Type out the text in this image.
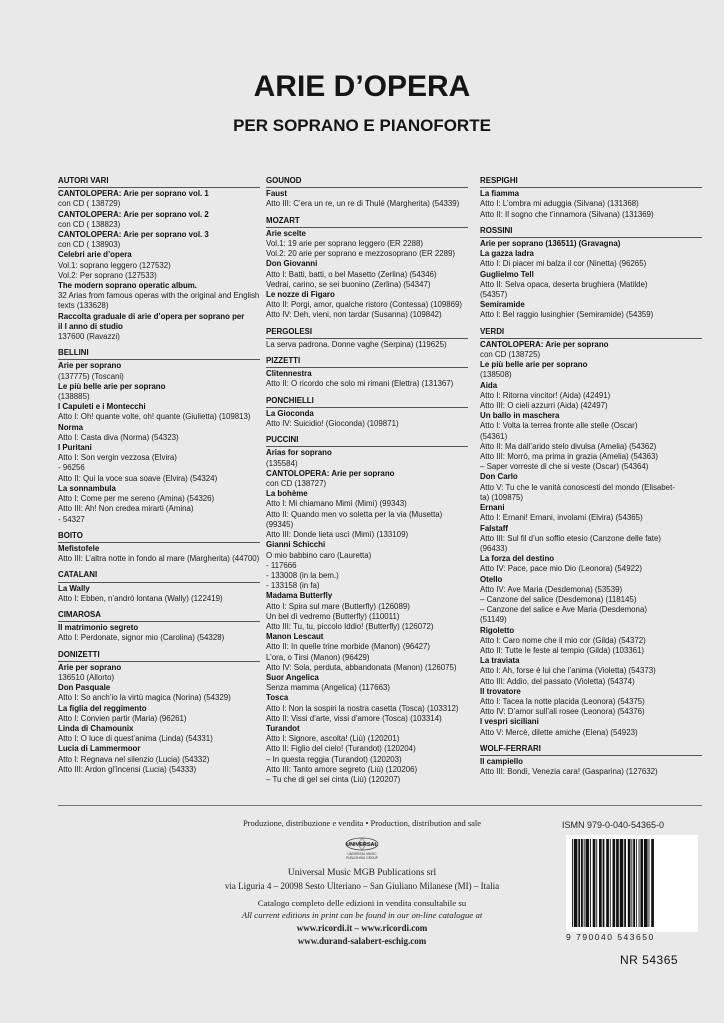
ARIE D’OPERA
PER SOPRANO E PIANOFORTE
AUTORI VARI
CANTOLOPERA: Arie per soprano vol. 1
con CD ( 138729)
CANTOLOPERA: Arie per soprano vol. 2
con CD ( 138823)
CANTOLOPERA: Arie per soprano vol. 3
con CD ( 138903)
Celebri arie d’opera
Vol.1: soprano leggero (127532)
Vol.2: Per soprano (127533)
The modern soprano operatic album.
32 Arias from famous operas with the original and English
texts (133628)
Raccolta graduale di arie d’opera per soprano per
il I anno di studio
137600 (Ravazzi)
BELLINI
Arie per soprano
(137775) (Toscani)
Le più belle arie per soprano
(138885)
I Capuleti e i Montecchi
Atto I: Oh! quante volte, oh! quante (Giulietta) (109813)
Norma
Atto I: Casta diva (Norma) (54323)
I Puritani
Atto I: Son vergin vezzosa (Elvira)
- 96256
Atto II: Qui la voce sua soave (Elvira) (54324)
La sonnambula
Atto I: Come per me sereno (Amina) (54326)
Atto III: Ah! Non credea mirarti (Amina)
- 54327
BOITO
Mefistofele
Atto III: L’altra notte in fondo al mare (Margherita) (44700)
CATALANI
La Wally
Atto I: Ebben, n’andrò lontana (Wally) (122419)
CIMAROSA
Il matrimonio segreto
Atto I: Perdonate, signor mio (Carolina) (54328)
DONIZETTI
Arie per soprano
136510 (Allorto)
Don Pasquale
Atto I: So anch’io la virtù magica (Norina) (54329)
La figlia del reggimento
Atto I: Convien partir (Maria) (96261)
Linda di Chamounix
Atto I: O luce di quest’anima (Linda) (54331)
Lucia di Lammermoor
Atto I: Regnava nel silenzio (Lucia) (54332)
Atto III: Ardon gl’incensi (Lucia) (54333)
GOUNOD
Faust
Atto III: C’era un re, un re di Thulé (Margherita) (54339)
MOZART
Arie scelte
Vol.1: 19 arie per soprano leggero (ER 2288)
Vol.2: 20 arie per soprano e mezzosoprano (ER 2289)
Don Giovanni
Atto I: Batti, batti, o bel Masetto (Zerlina) (54346)
Vedrai, carino, se sei buonino (Zerlina) (54347)
Le nozze di Figaro
Atto II: Porgi, amor, qualche ristoro (Contessa) (109869)
Atto IV: Deh, vieni, non tardar (Susanna) (109842)
PERGOLESI
La serva padrona. Donne vaghe (Serpina) (119625)
PIZZETTI
Clitennestra
Atto II: O ricordo che solo mi rimani (Elettra) (131367)
PONCHIELLI
La Gioconda
Atto IV: Suicidio! (Gioconda) (109871)
PUCCINI
Arias for soprano
(135584)
CANTOLOPERA: Arie per soprano
con CD (138727)
La bohème
Atto I: Mi chiamano Mimì (Mimì) (99343)
Atto II: Quando men vo soletta per la via (Musetta)
(99345)
Atto III: Donde lieta uscì (Mimì) (133109)
Gianni Schicchi
O mio babbino caro (Lauretta)
- 117666
- 133008 (in la bem.)
- 133158 (in fa)
Madama Butterfly
Atto I: Spira sul mare (Butterfly) (126089)
Un bel dì vedremo (Butterfly) (110011)
Atto III: Tu, tu, piccolo Iddio! (Butterfly) (126072)
Manon Lescaut
Atto II: In quelle trine morbide (Manon) (96427)
L’ora, o Tirsi (Manon) (96429)
Atto IV: Sola, perduta, abbandonata (Manon) (126075)
Suor Angelica
Senza mamma (Angelica) (117663)
Tosca
Atto I: Non la sospiri la nostra casetta (Tosca) (103312)
Atto II: Vissi d’arte, vissi d’amore (Tosca) (103314)
Turandot
Atto I: Signore, ascolta! (Liù) (120201)
Atto II: Figlio del cielo! (Turandot) (120204)
– In questa reggia (Turandot) (120203)
Atto III: Tanto amore segreto (Liù) (120206)
– Tu che di gel sei cinta (Liù) (120207)
RESPIGHI
La fiamma
Atto I: L’ombra mi aduggia (Silvana) (131368)
Atto II: Il sogno che t’innamora (Silvana) (131369)
ROSSINI
Arie per soprano (136511) (Gravagna)
La gazza ladra
Atto I: Di piacer mi balza il cor (Ninetta) (96265)
Guglielmo Tell
Atto II: Selva opaca, deserta brughiera (Matilde)
(54357)
Semiramide
Atto I: Bel raggio lusinghier (Semiramide) (54359)
VERDI
CANTOLOPERA: Arie per soprano
con CD (138725)
Le più belle arie per soprano
(138508)
Aida
Atto I: Ritorna vincitor! (Aida) (42491)
Atto III: O cieli azzurri (Aida) (42497)
Un ballo in maschera
Atto I: Volta la terrea fronte alle stelle (Oscar)
(54361)
Atto II: Ma dall’arido stelo divulsa (Amelia) (54362)
Atto III: Morrò, ma prima in grazia (Amelia) (54363)
– Saper vorreste di che si veste (Oscar) (54364)
Don Carlo
Atto V: Tu che le vanità conoscesti del mondo (Elisabet-
ta) (109875)
Ernani
Atto I: Ernani! Ernani, involami (Elvira) (54365)
Falstaff
Atto III: Sul fil d’un soffio etesio (Canzone delle fate)
(96433)
La forza del destino
Atto IV: Pace, pace mio Dio (Leonora) (54922)
Otello
Atto IV: Ave Maria (Desdemona) (53539)
– Canzone del salice (Desdemona) (118145)
– Canzone del salice e Ave Maria (Desdemona)
(51149)
Rigoletto
Atto I: Caro nome che il mio cor (Gilda) (54372)
Atto II: Tutte le feste al tempio (Gilda) (103361)
La traviata
Atto I: Ah, forse è lui che l’anima (Violetta) (54373)
Atto III: Addio, del passato (Violetta) (54374)
Il trovatore
Atto I: Tacea la notte placida (Leonora) (54375)
Atto IV: D’amor sull’ali rosee (Leonora) (54376)
I vespri siciliani
Atto V: Mercè, dilette amiche (Elena) (54923)
WOLF-FERRARI
Il campiello
Atto III: Bondì, Venezia cara! (Gasparina) (127632)
Produzione, distribuzione e vendita • Production, distribution and sale
UNIVERSAL
UNIVERSAL MUSIC
PUBLISHING GROUP
Universal Music MGB Publications srl
via Liguria 4 – 20098 Sesto Ulteriano – San Giuliano Milanese (MI) – Italia
Catalogo completo delle edizioni in vendita consultabile su
All current editions in print can be found in our on-line catalogue at
www.ricordi.it – www.ricordi.com
www.durand-salabert-eschig.com
ISMN 979-0-040-54365-0
9 790040 543650
NR 54365
